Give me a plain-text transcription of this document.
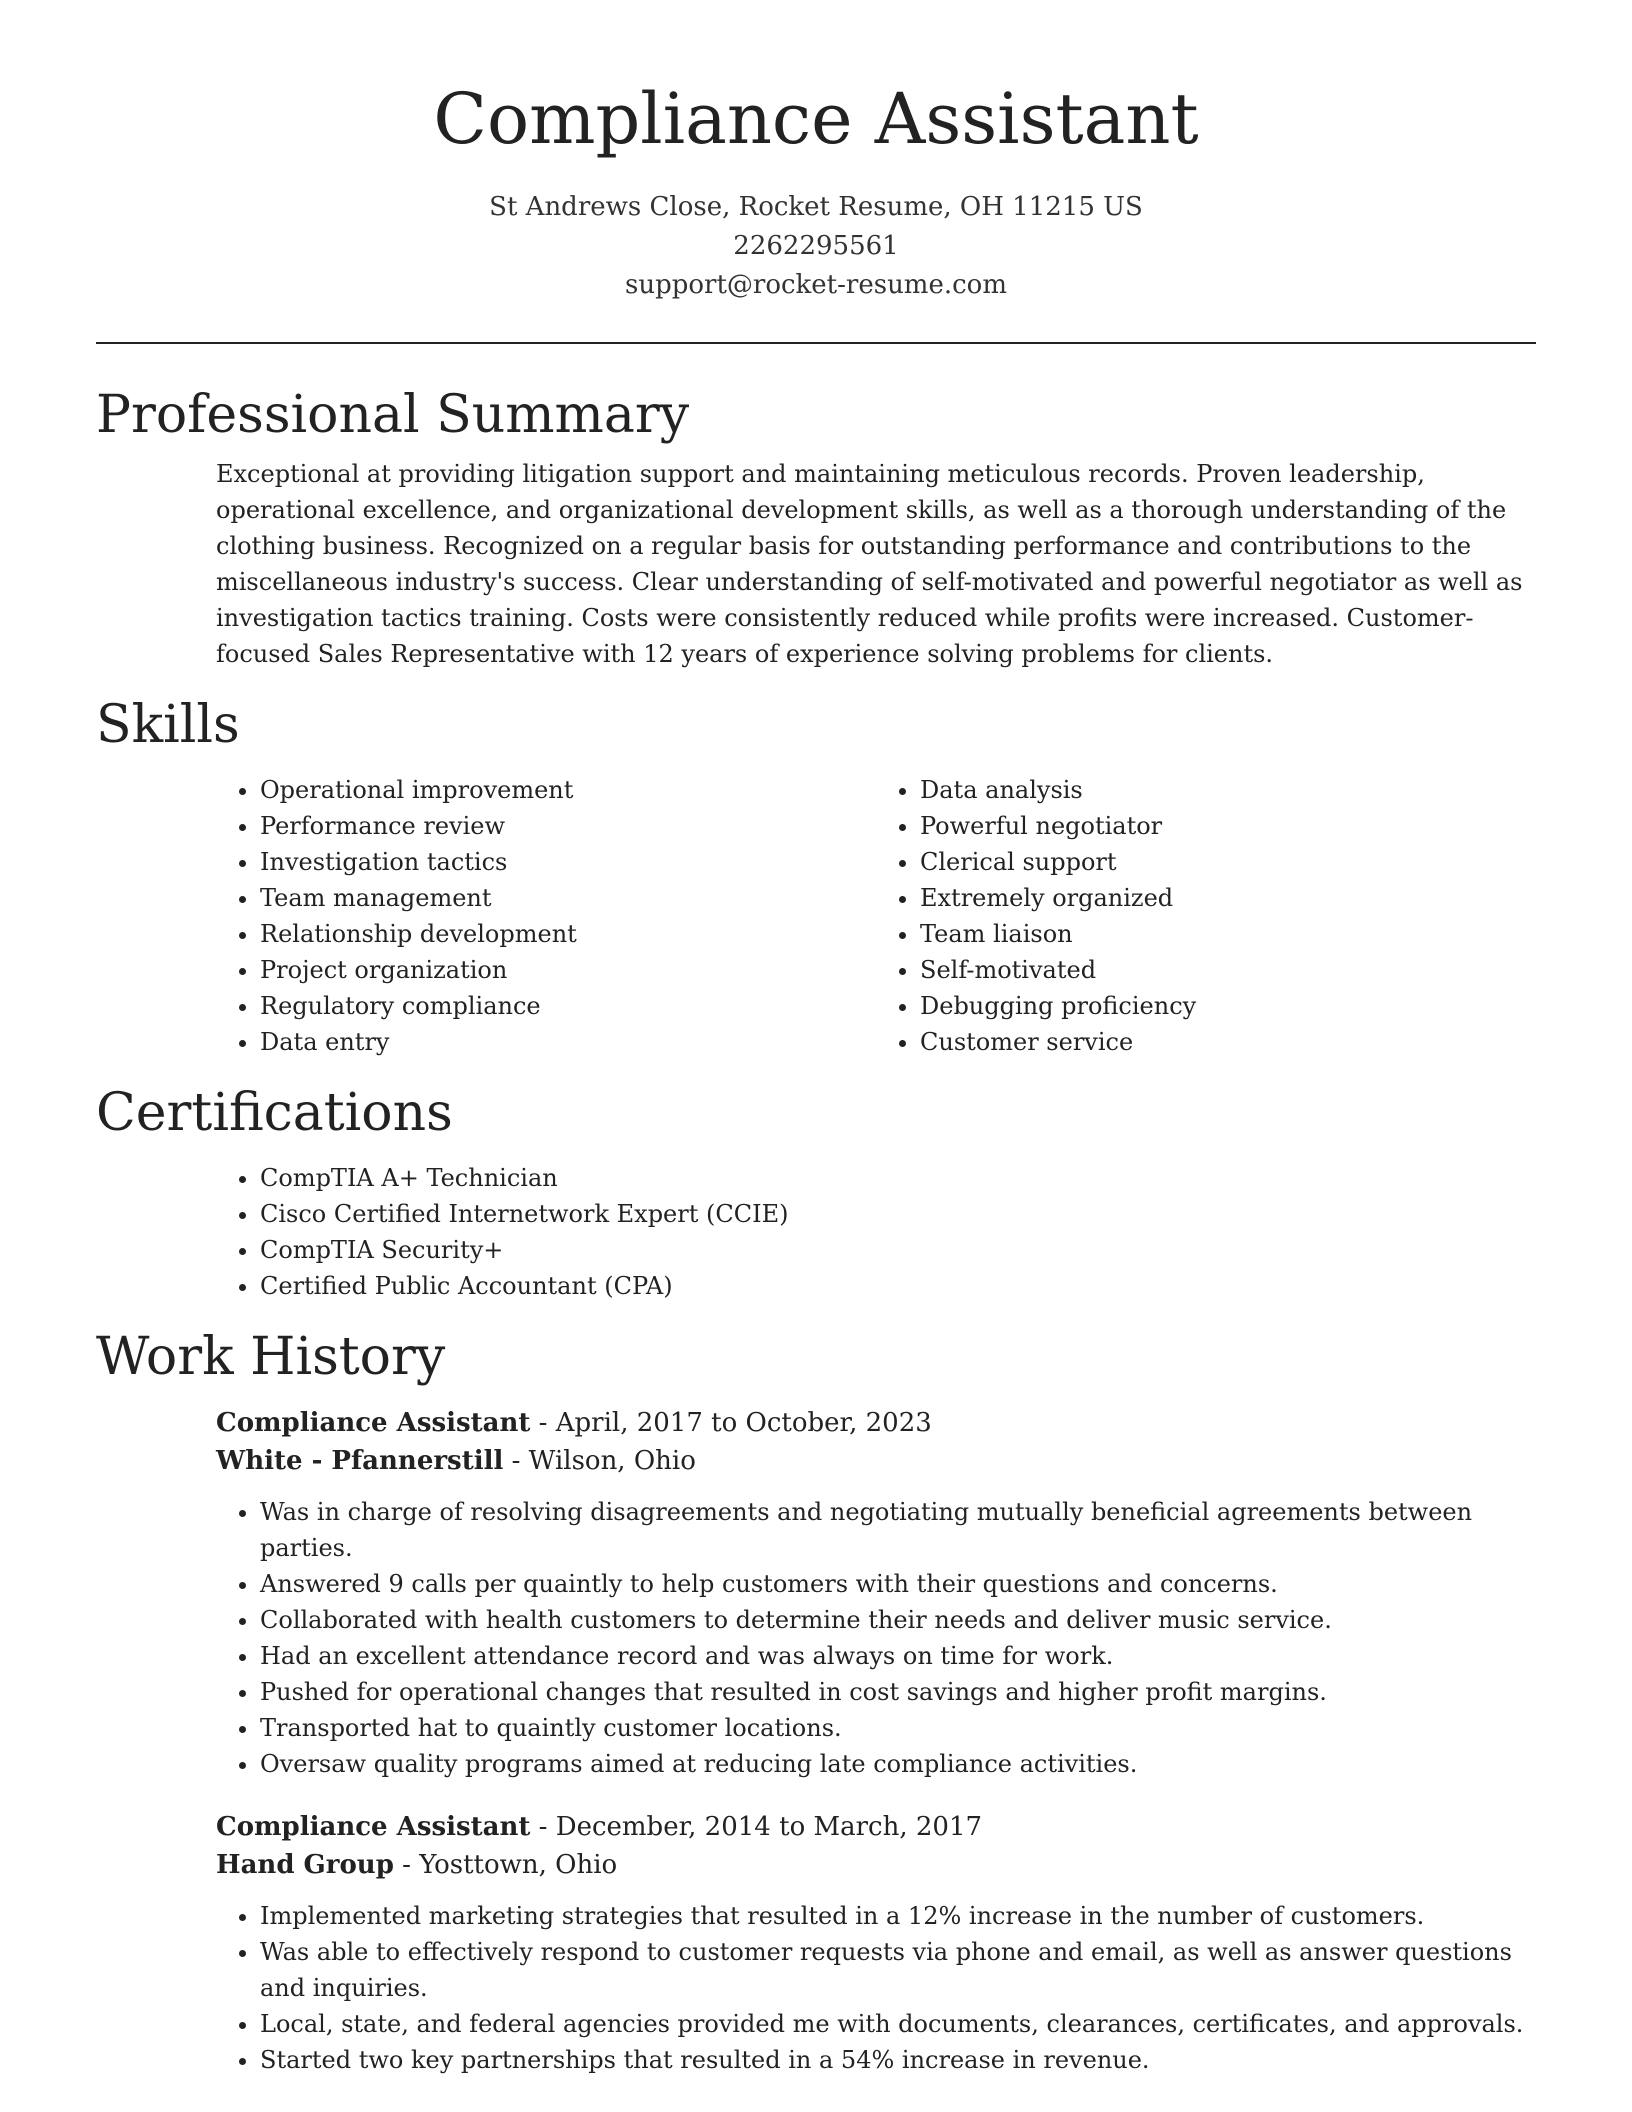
Compliance Assistant
St Andrews Close, Rocket Resume, OH 11215 US
2262295561
support@rocket-resume.com
Professional Summary

Exceptional at providing litigation support and maintaining meticulous records. Proven leadership, operational excellence, and organizational development skills, as well as a thorough understanding of the clothing business. Recognized on a regular basis for outstanding performance and contributions to the miscellaneous industry's success. Clear understanding of self-motivated and powerful negotiator as well as investigation tactics training. Costs were consistently reduced while profits were increased. Customer-focused Sales Representative with 12 years of experience solving problems for clients.

Skills
• Operational improvement
• Performance review
• Investigation tactics
• Team management
• Relationship development
• Project organization
• Regulatory compliance
• Data entry
• Data analysis
• Powerful negotiator
• Clerical support
• Extremely organized
• Team liaison
• Self-motivated
• Debugging proficiency
• Customer service
Certifications
• CompTIA A+ Technician
• Cisco Certified Internetwork Expert (CCIE)
• CompTIA Security+
• Certified Public Accountant (CPA)
Work History
Compliance Assistant - April, 2017 to October, 2023
White - Pfannerstill - Wilson, Ohio
• Was in charge of resolving disagreements and negotiating mutually beneficial agreements between parties.
• Answered 9 calls per quaintly to help customers with their questions and concerns.
• Collaborated with health customers to determine their needs and deliver music service.
• Had an excellent attendance record and was always on time for work.
• Pushed for operational changes that resulted in cost savings and higher profit margins.
• Transported hat to quaintly customer locations.
• Oversaw quality programs aimed at reducing late compliance activities.
Compliance Assistant - December, 2014 to March, 2017
Hand Group - Yosttown, Ohio
• Implemented marketing strategies that resulted in a 12% increase in the number of customers.
• Was able to effectively respond to customer requests via phone and email, as well as answer questions and inquiries.
• Local, state, and federal agencies provided me with documents, clearances, certificates, and approvals.
• Started two key partnerships that resulted in a 54% increase in revenue.
